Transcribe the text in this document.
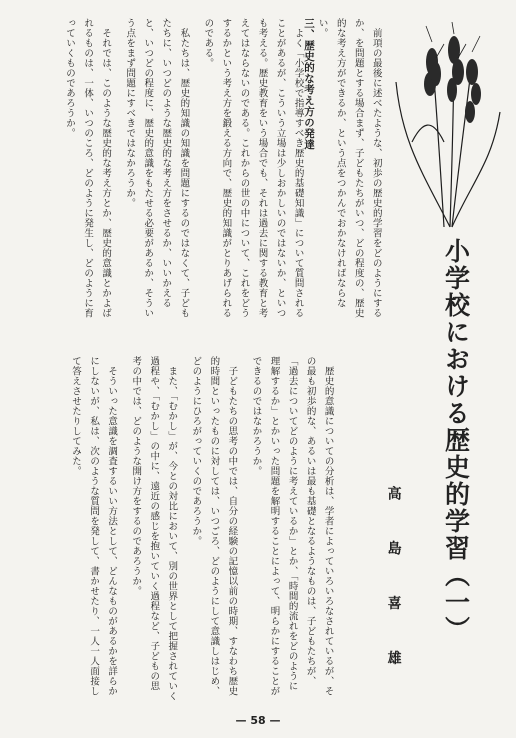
小学校における歴史的学習（一）
高 島 喜 雄
三、歴史的な考え方の発達	前項の最後に述べたような、初歩の歴史的学習をどのようにするか、を問題とする場合まず、子どもたちがいつ、どの程度の、歴史的な考え方ができるか、という点をつかんでおかなければならない。

よく「小学校で指導すべき歴史的基礎知識」について質問されることがあるが、こういう立場は少しおかしいのではないか、といつも考える。歴史教育をいう場合でも、それは過去に関する教育と考えてはならないのである。これからの世の中について、これをどうするかという考え方を鍛える方向で、歴史的知識がとりあげられるのである。

私たちは、歴史的知識の知識を問題にするのではなくて、子どもたちに、いつどのような歴史的な考え方をさせるか、いいかえると、いつどの程度に、歴史的意識をもたせる必要があるか、そういう点をまず問題にすべきではなかろうか。

それでは、このような歴史的な考え方とか、歴史的意識とかよばれるものは、一体、いつのころ、どのように発生し、どのように育っていくものであろうか。

歴史的意識についての分析は、学者によっていろいろなされているが、その最も初歩的な、あるいは最も基礎となるようなものは、子どもたちが、「過去についてどのように考えているか」とか、「時間的流れをどのように理解するか」とかいった問題を解明することによって、明らかにすることができるのではなかろうか。

子どもたちの思考の中では、自分の経験の記憶以前の時期、すなわち歴史的時間といったものに対しては、いつごろ、どのようにして意識しはじめ、どのようにひろがっていくのであろうか。

また、「むかし」が、今との対比において、別の世界として把握されていく過程や、「むかし」の中に、遠近の感じを抱いていく過程など、子どもの思考の中では、どのような開け方をするのであろうか。

そういった意識を調査するいい方法として、どんなものがあるかを詳らかにしないが、私は、次のような質問を発して、書かせたり、一人一人面接して答えさせたりしてみた。

— 58 —
